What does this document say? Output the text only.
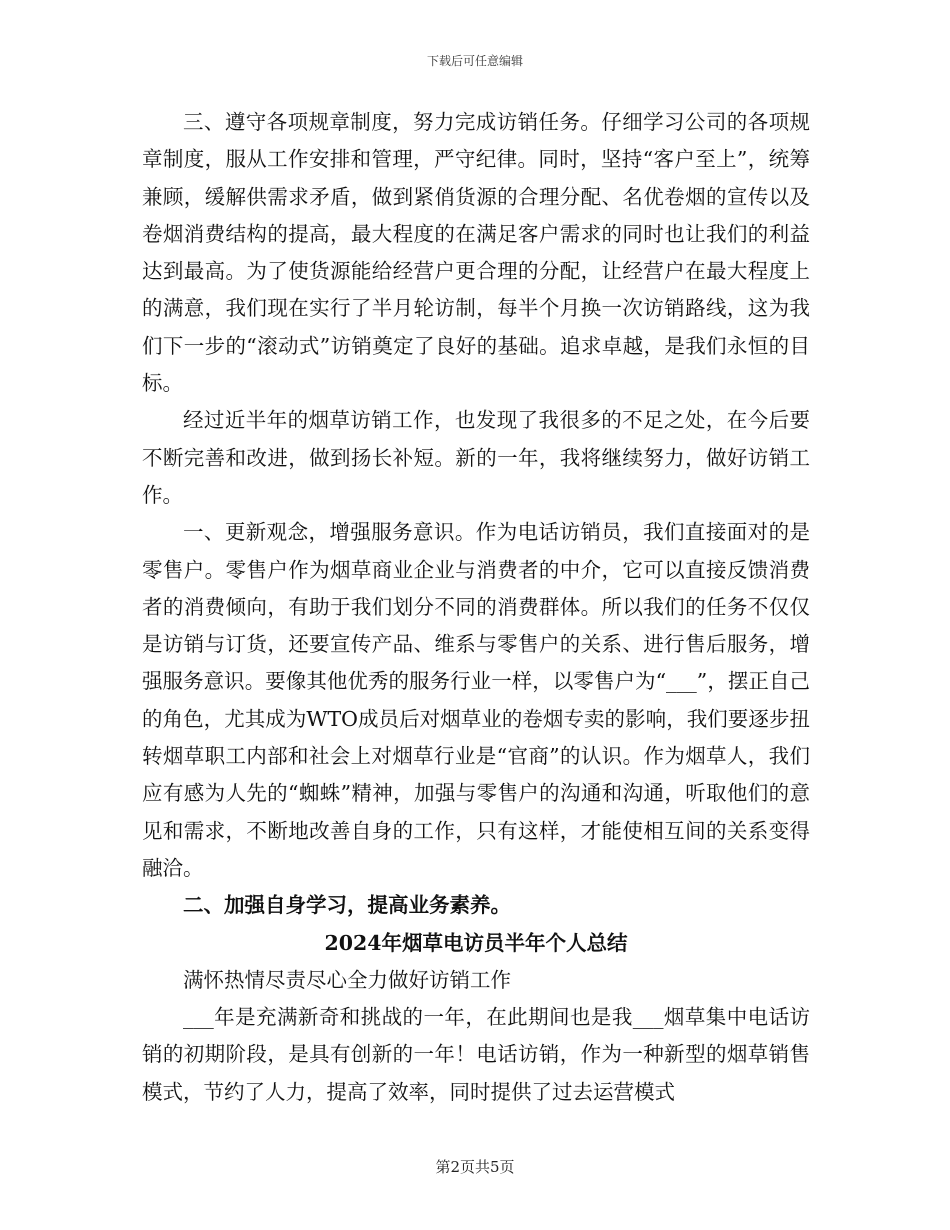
下载后可任意编辑

三、遵守各项规章制度，努力完成访销任务。仔细学习公司的各项规章制度，服从工作安排和管理，严守纪律。同时，坚持“客户至上”，统筹兼顾，缓解供需求矛盾，做到紧俏货源的合理分配、名优卷烟的宣传以及卷烟消费结构的提高，最大程度的在满足客户需求的同时也让我们的利益达到最高。为了使货源能给经营户更合理的分配，让经营户在最大程度上的满意，我们现在实行了半月轮访制，每半个月换一次访销路线，这为我们下一步的“滚动式”访销奠定了良好的基础。追求卓越，是我们永恒的目标。

经过近半年的烟草访销工作，也发现了我很多的不足之处，在今后要不断完善和改进，做到扬长补短。新的一年，我将继续努力，做好访销工作。

一、更新观念，增强服务意识。作为电话访销员，我们直接面对的是零售户。零售户作为烟草商业企业与消费者的中介，它可以直接反馈消费者的消费倾向，有助于我们划分不同的消费群体。所以我们的任务不仅仅是访销与订货，还要宣传产品、维系与零售户的关系、进行售后服务，增强服务意识。要像其他优秀的服务行业一样，以零售户为“___”，摆正自己的角色，尤其成为WTO成员后对烟草业的卷烟专卖的影响，我们要逐步扭转烟草职工内部和社会上对烟草行业是“官商”的认识。作为烟草人，我们应有感为人先的“蜘蛛”精神，加强与零售户的沟通和沟通，听取他们的意见和需求，不断地改善自身的工作，只有这样，才能使相互间的关系变得融洽。

二、加强自身学习，提高业务素养。

2024年烟草电访员半年个人总结

满怀热情尽责尽心全力做好访销工作

___年是充满新奇和挑战的一年，在此期间也是我___烟草集中电话访销的初期阶段，是具有创新的一年！电话访销，作为一种新型的烟草销售模式，节约了人力，提高了效率，同时提供了过去运营模式

第2页共5页
